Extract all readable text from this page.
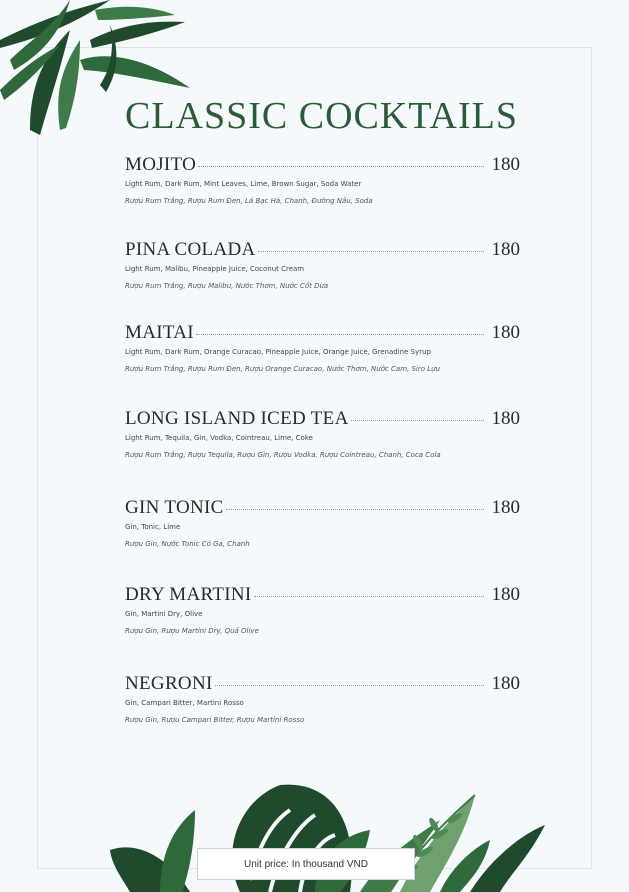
CLASSIC COCKTAILS
MOJITO	180
Light Rum, Dark Rum, Mint Leaves, Lime, Brown Sugar, Soda Water
Rượu Rum Trắng, Rượu Rum Đen, Lá Bạc Hà, Chanh, Đường Nâu, Soda
PINA COLADA	180
Light Rum, Malibu, Pineapple Juice, Coconut Cream
Rượu Rum Trắng, Rượu Malibu, Nước Thơm, Nước Cốt Dừa
MAITAI	180
Light Rum, Dark Rum, Orange Curacao, Pineapple Juice, Orange Juice, Grenadine Syrup
Rượu Rum Trắng, Rượu Rum Đen, Rượu Orange Curacao, Nước Thơm, Nước Cam, Siro Lựu
LONG ISLAND ICED TEA	180
Light Rum, Tequila, Gin, Vodka, Cointreau, Lime, Coke
Rượu Rum Trắng, Rượu Tequila, Rượu Gin, Rượu Vodka, Rượu Cointreau, Chanh, Coca Cola
GIN TONIC	180
Gin, Tonic, Lime
Rượu Gin, Nước Tonic Có Ga, Chanh
DRY MARTINI	180
Gin, Martini Dry, Olive
Rượu Gin, Rượu Martini Dry, Quả Olive
NEGRONI	180
Gin, Campari Bitter, Martini Rosso
Rượu Gin, Rượu Campari Bitter, Rượu Martini Rosso
Unit price: In thousand VND
